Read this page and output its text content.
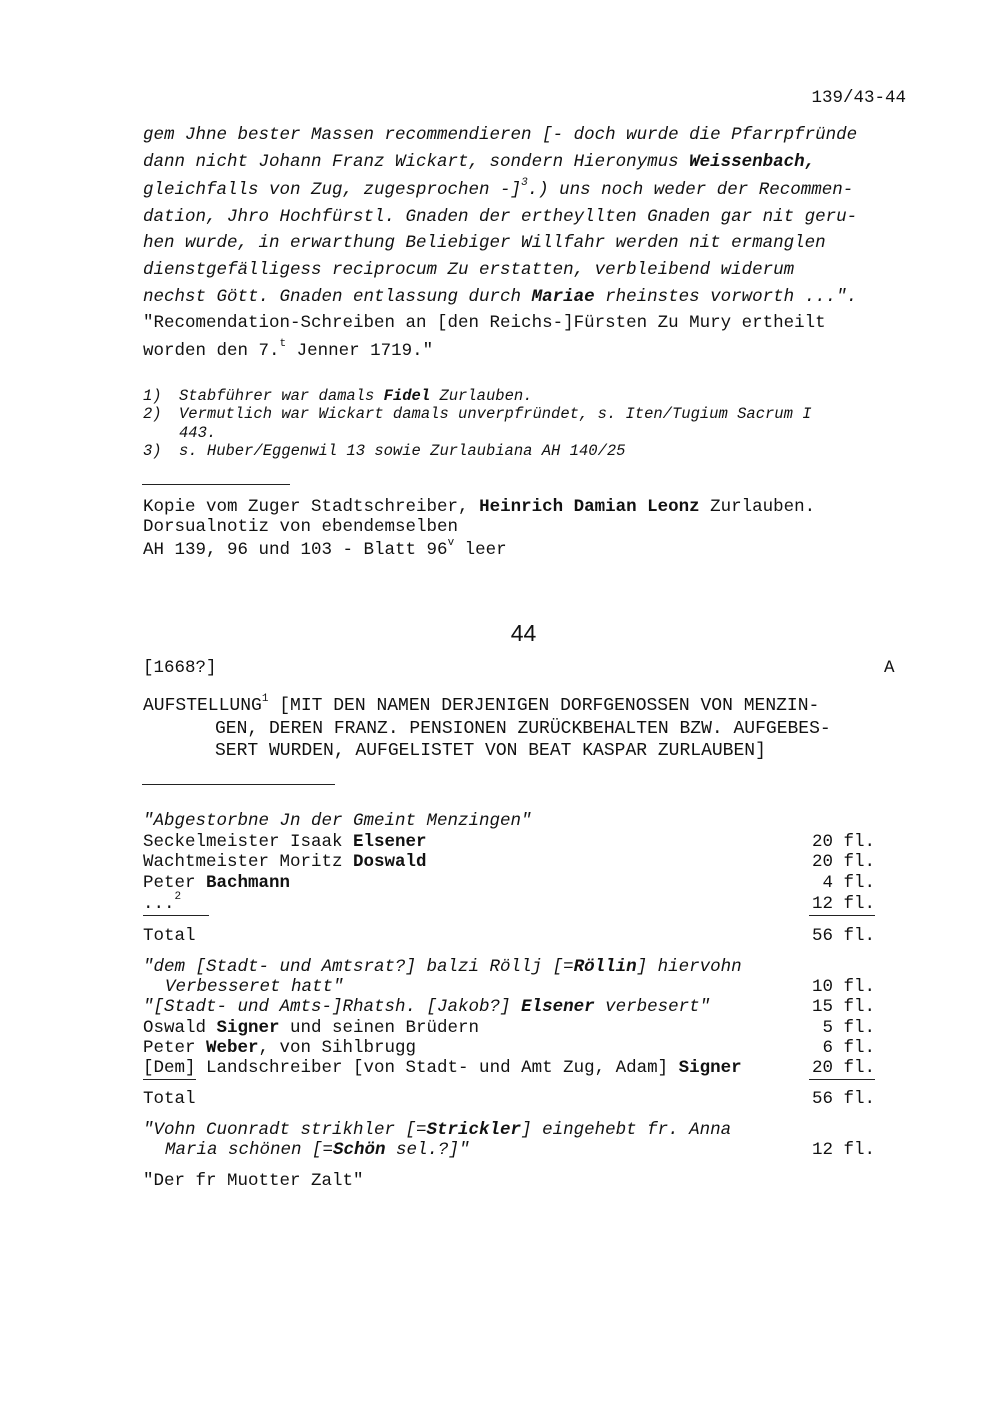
139/43-44
gem Jhne bester Massen recommendieren [- doch wurde die Pfarrpfründe
dann nicht Johann Franz Wickart, sondern Hieronymus Weissenbach,
gleichfalls von Zug, zugesprochen -]$^3$.) uns noch weder der Recommen-
dation, Jhro Hochfürstl. Gnaden der ertheyllten Gnaden gar nit geru-
hen wurde, in erwarthung Beliebiger Willfahr werden nit ermanglen
dienstgefälligess reciprocum Zu erstatten, verbleibend widerum
nechst Gött. Gnaden entlassung durch Mariae rheinstes vorworth ...".
"Recomendation-Schreiben an [den Reichs-]Fürsten Zu Mury ertheilt
worden den 7.$^t$ Jenner 1719."
1) Stabführer war damals Fidel Zurlauben.
2) Vermutlich war Wickart damals unverpfründet, s. Iten/Tugium Sacrum I
443.
3) s. Huber/Eggenwil 13 sowie Zurlaubiana AH 140/25
Kopie vom Zuger Stadtschreiber, Heinrich Damian Leonz Zurlauben.
Dorsualnotiz von ebendemselben
AH 139, 96 und 103 - Blatt 96$^v$ leer
44
[1668?]	A
AUFSTELLUNG$^1$ [MIT DEN NAMEN DERJENIGEN DORFGENOSSEN VON MENZIN-
GEN, DEREN FRANZ. PENSIONEN ZURÜCKBEHALTEN BZW. AUFGEBES-
SERT WURDEN, AUFGELISTET VON BEAT KASPAR ZURLAUBEN]
"Abgestorbne Jn der Gmeint Menzingen"
Seckelmeister Isaak Elsener	20 fl.
Wachtmeister Moritz Doswald	20 fl.
Peter Bachmann	4 fl.
...$^2$	12 fl.
Total	56 fl.
"dem [Stadt- und Amtsrat?] balzi Röllj [=Röllin] hiervohn
Verbesseret hatt"	10 fl.
"[Stadt- und Amts-]Rhatsh. [Jakob?] Elsener verbesert"	15 fl.
Oswald Signer und seinen Brüdern	5 fl.
Peter Weber, von Sihlbrugg	6 fl.
[Dem] Landschreiber [von Stadt- und Amt Zug, Adam] Signer	20 fl.
Total	56 fl.
"Vohn Cuonradt strikhler [=Strickler] eingehebt fr. Anna
Maria schönen [=Schön sel.?]"	12 fl.
"Der fr Muotter Zalt"
